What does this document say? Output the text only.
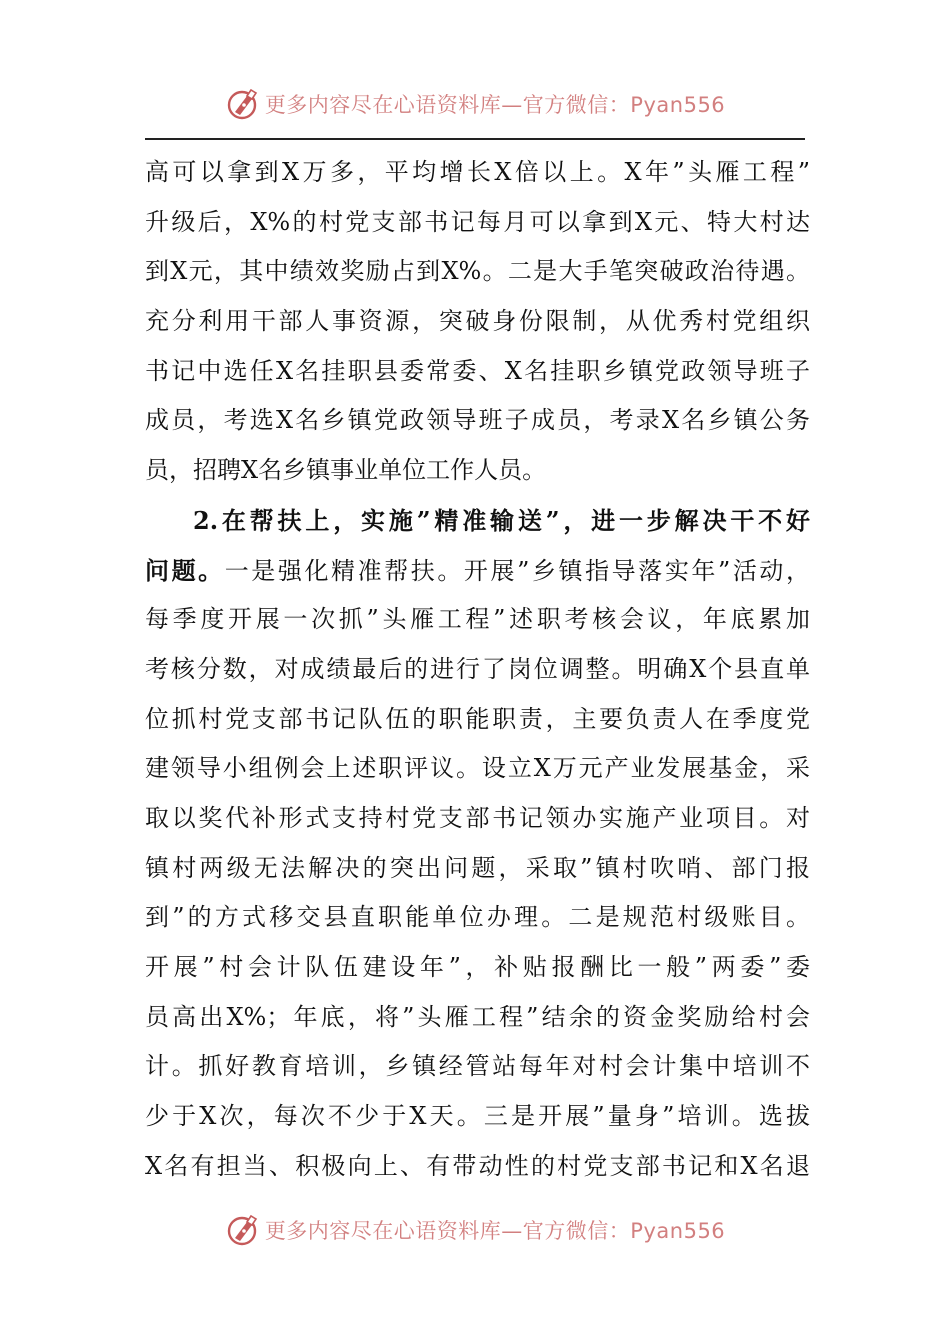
更多内容尽在心语资料库—官方微信：Pyan556
高可以拿到X万多，平均增长X倍以上。X年”头雁工程”
升级后，X%的村党支部书记每月可以拿到X元、特大村达
到X元，其中绩效奖励占到X%。二是大手笔突破政治待遇。
充分利用干部人事资源，突破身份限制，从优秀村党组织
书记中选任X名挂职县委常委、X名挂职乡镇党政领导班子
成员，考选X名乡镇党政领导班子成员，考录X名乡镇公务
员，招聘X名乡镇事业单位工作人员。
2.在帮扶上，实施”精准输送”，进一步解决干不好
问题。一是强化精准帮扶。开展”乡镇指导落实年”活动，
每季度开展一次抓”头雁工程”述职考核会议，年底累加
考核分数，对成绩最后的进行了岗位调整。明确X个县直单
位抓村党支部书记队伍的职能职责，主要负责人在季度党
建领导小组例会上述职评议。设立X万元产业发展基金，采
取以奖代补形式支持村党支部书记领办实施产业项目。对
镇村两级无法解决的突出问题，采取”镇村吹哨、部门报
到”的方式移交县直职能单位办理。二是规范村级账目。
开展”村会计队伍建设年”，补贴报酬比一般”两委”委
员高出X%；年底，将”头雁工程”结余的资金奖励给村会
计。抓好教育培训，乡镇经管站每年对村会计集中培训不
少于X次，每次不少于X天。三是开展”量身”培训。选拔
X名有担当、积极向上、有带动性的村党支部书记和X名退
更多内容尽在心语资料库—官方微信：Pyan556
